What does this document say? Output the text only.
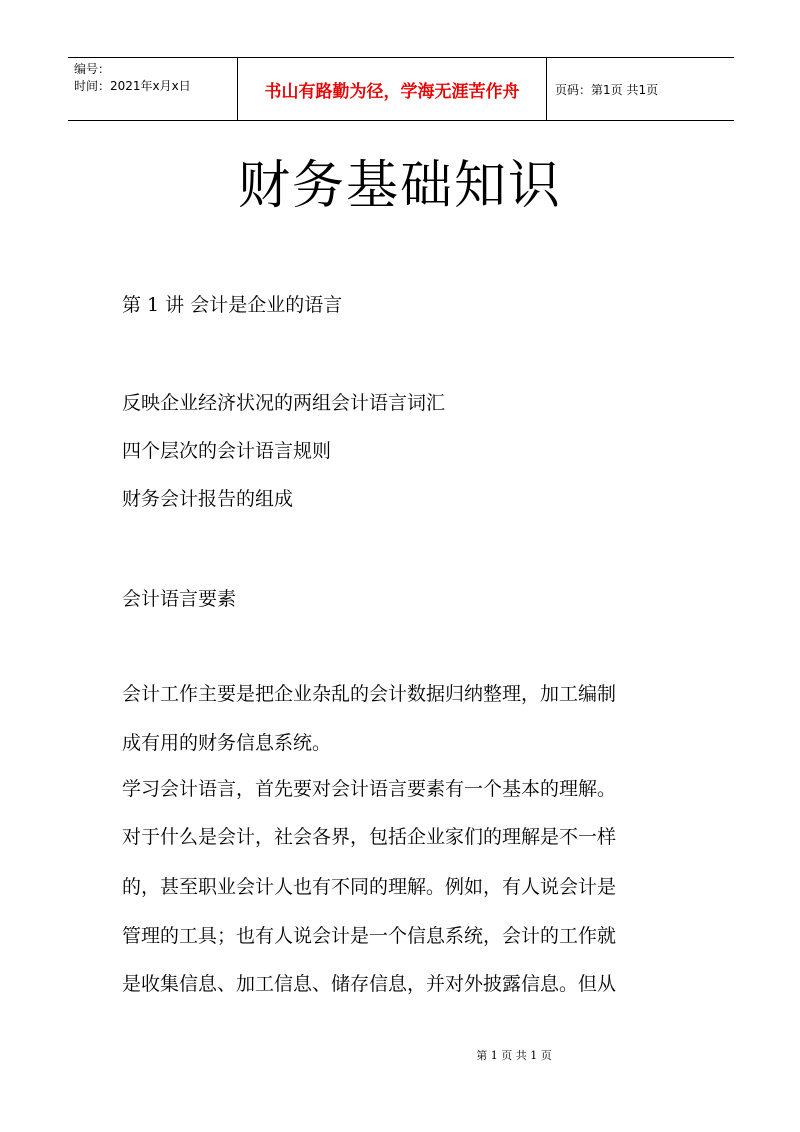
编号：
时间：2021年x月x日	书山有路勤为径，学海无涯苦作舟	页码：第1页 共1页
财务基础知识
第 1 讲 会计是企业的语言
反映企业经济状况的两组会计语言词汇
四个层次的会计语言规则
财务会计报告的组成
会计语言要素
会计工作主要是把企业杂乱的会计数据归纳整理，加工编制
成有用的财务信息系统。
学习会计语言，首先要对会计语言要素有一个基本的理解。
对于什么是会计，社会各界，包括企业家们的理解是不一样
的，甚至职业会计人也有不同的理解。例如，有人说会计是
管理的工具；也有人说会计是一个信息系统，会计的工作就
是收集信息、加工信息、储存信息，并对外披露信息。但从
第 1 页 共 1 页
